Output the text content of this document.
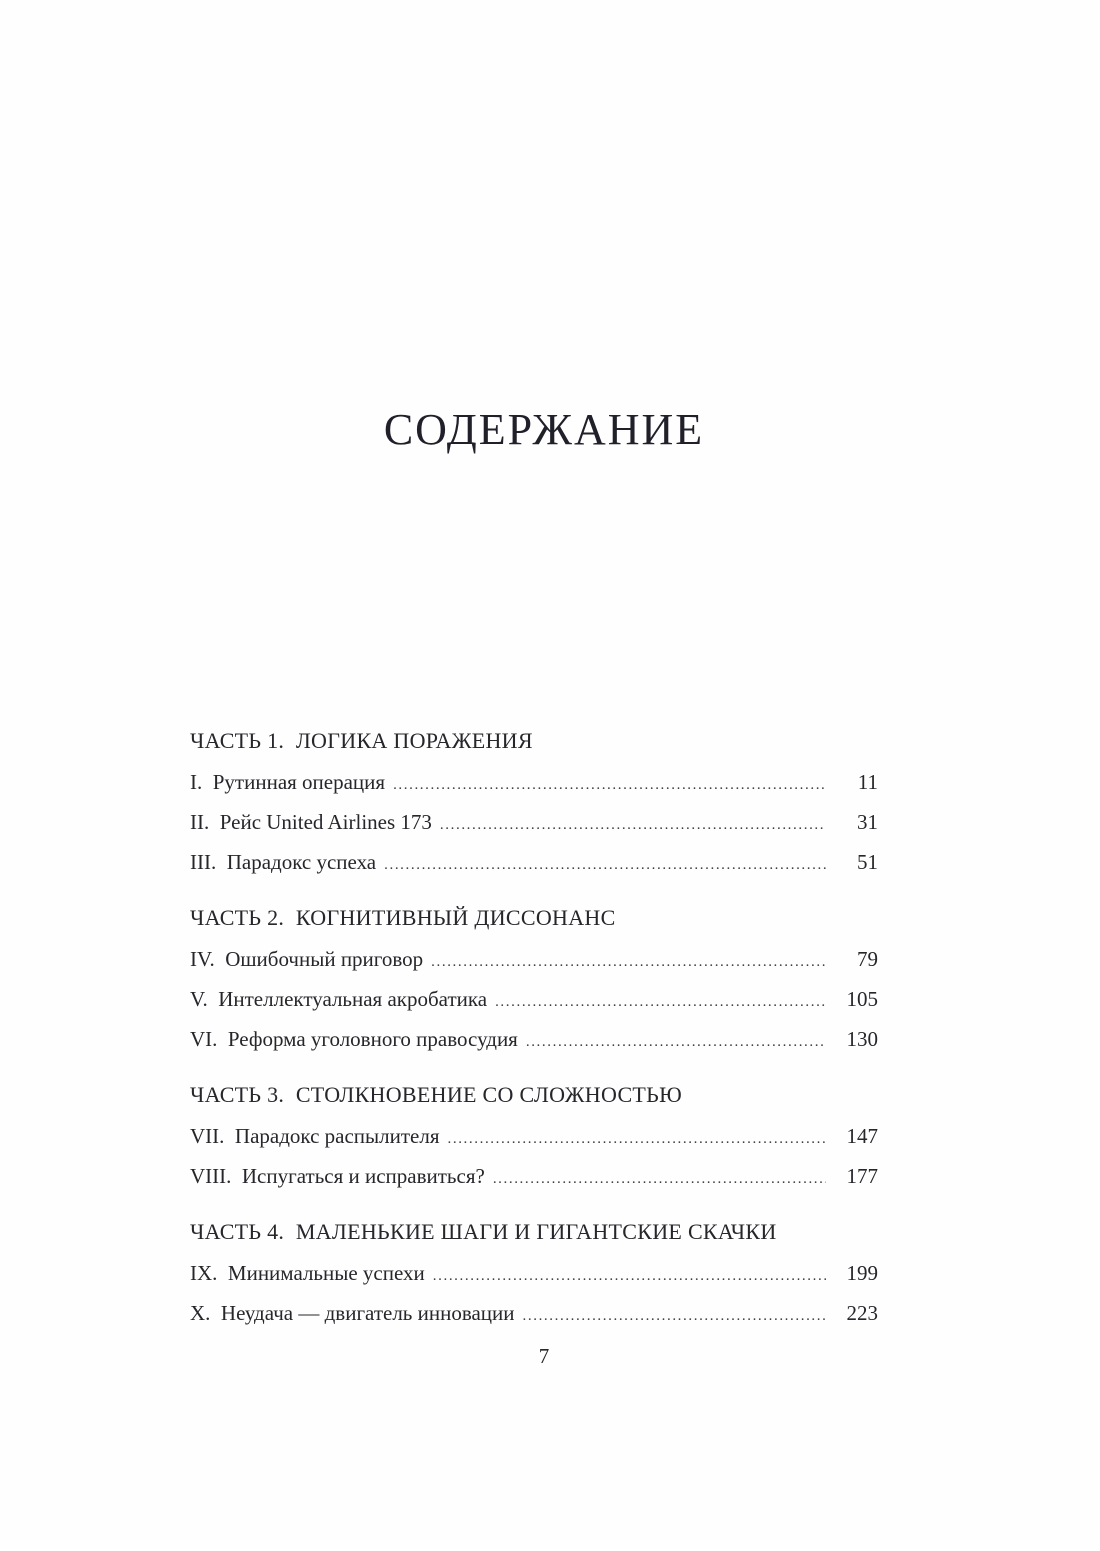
СОДЕРЖАНИЕ
ЧАСТЬ 1.  ЛОГИКА ПОРАЖЕНИЯ
I.  Рутинная операция .....	11
II.  Рейс United Airlines 173 .....	31
III.  Парадокс успеха .....	51
ЧАСТЬ 2.  КОГНИТИВНЫЙ ДИССОНАНС
IV.  Ошибочный приговор .....	79
V.  Интеллектуальная акробатика .....	105
VI.  Реформа уголовного правосудия .....	130
ЧАСТЬ 3.  СТОЛКНОВЕНИЕ СО СЛОЖНОСТЬЮ
VII.  Парадокс распылителя .....	147
VIII.  Испугаться и исправиться? .....	177
ЧАСТЬ 4.  МАЛЕНЬКИЕ ШАГИ И ГИГАНТСКИЕ СКАЧКИ
IX.  Минимальные успехи .....	199
X.  Неудача — двигатель инновации .....	223
7
